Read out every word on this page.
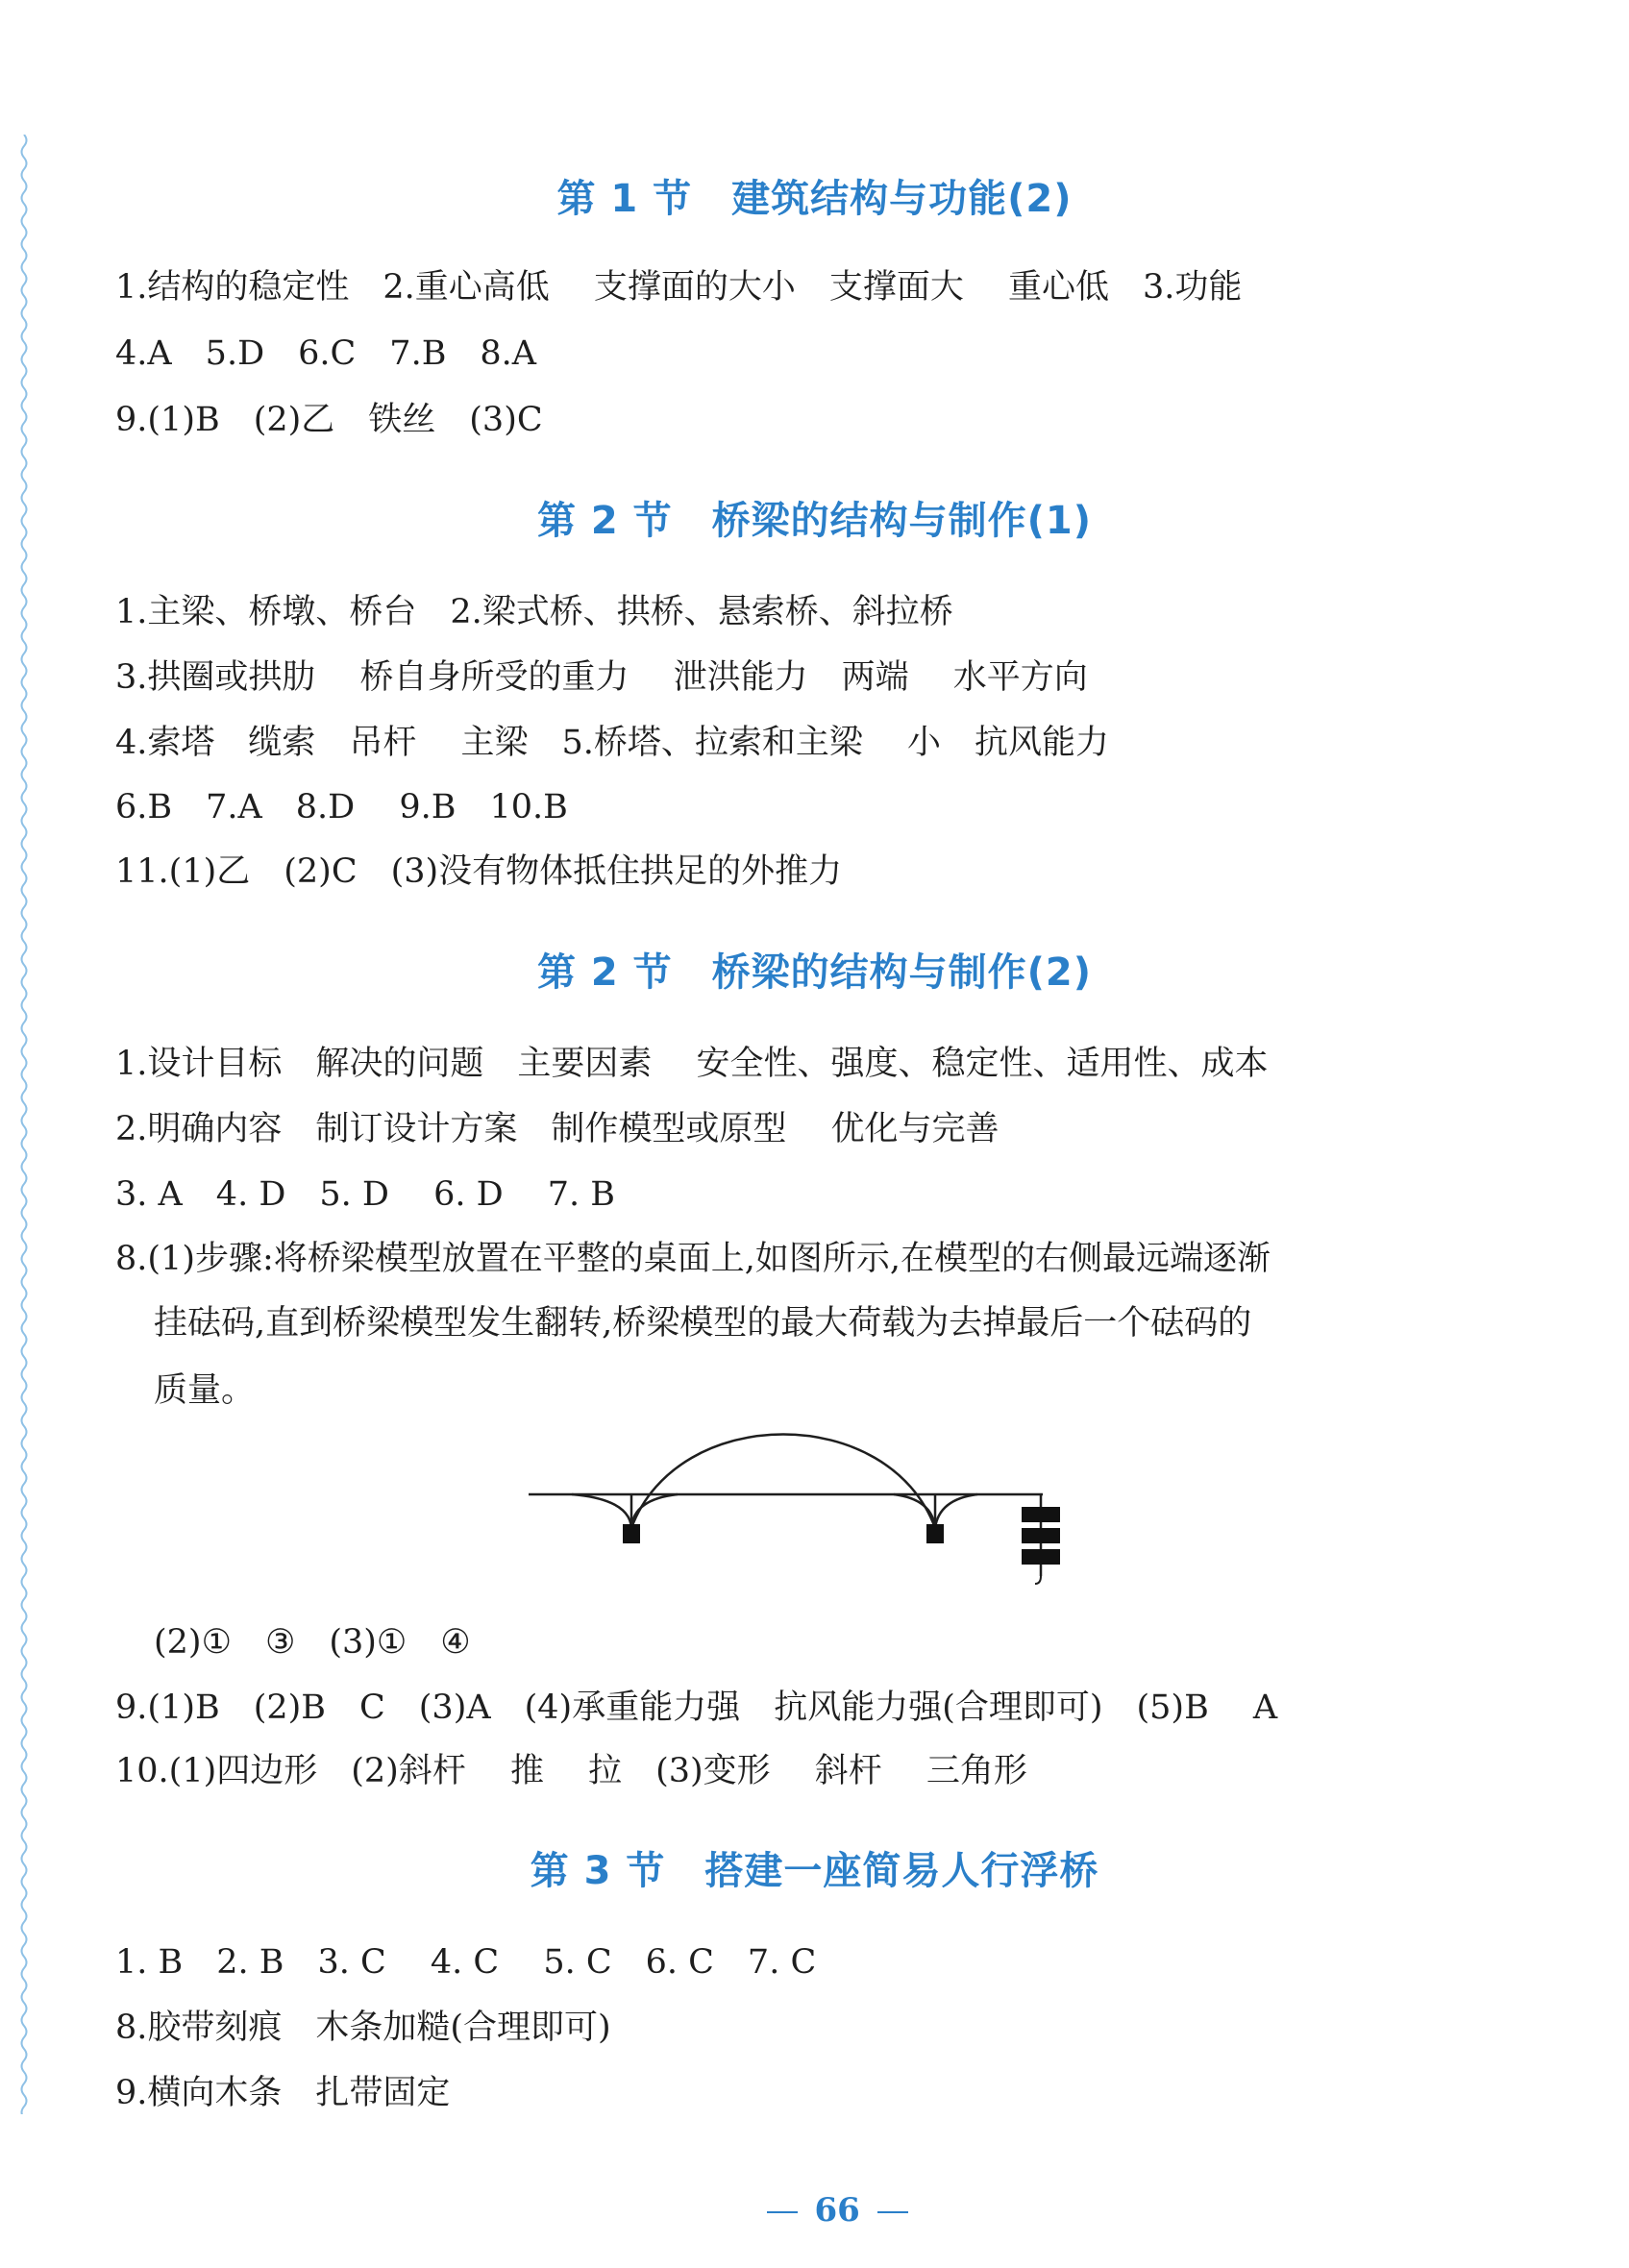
第 1 节　建筑结构与功能(2)
1.结构的稳定性　2.重心高低　 支撑面的大小　支撑面大　 重心低　3.功能
4.A　5.D　6.C　7.B　8.A
9.(1)B　(2)乙　铁丝　(3)C
第 2 节　桥梁的结构与制作(1)
1.主梁、桥墩、桥台　2.梁式桥、拱桥、悬索桥、斜拉桥
3.拱圈或拱肋　 桥自身所受的重力　 泄洪能力　两端　 水平方向
4.索塔　缆索　吊杆　 主梁　5.桥塔、拉索和主梁　 小　抗风能力
6.B　7.A　8.D　 9.B　10.B
11.(1)乙　(2)C　(3)没有物体抵住拱足的外推力
第 2 节　桥梁的结构与制作(2)
1.设计目标　解决的问题　主要因素　 安全性、强度、稳定性、适用性、成本
2.明确内容　制订设计方案　制作模型或原型　 优化与完善
3. A　4. D　5. D　 6. D　 7. B
8.(1)步骤:将桥梁模型放置在平整的桌面上,如图所示,在模型的右侧最远端逐渐
挂砝码,直到桥梁模型发生翻转,桥梁模型的最大荷载为去掉最后一个砝码的
质量。
(2)①　③　(3)①　④
9.(1)B　(2)B　C　(3)A　(4)承重能力强　抗风能力强(合理即可)　(5)B　 A
10.(1)四边形　(2)斜杆　 推　 拉　(3)变形　 斜杆　 三角形
第 3 节　搭建一座简易人行浮桥
1. B　2. B　3. C　 4. C　 5. C　6. C　7. C
8.胶带刻痕　木条加糙(合理即可)
9.横向木条　扎带固定

66
